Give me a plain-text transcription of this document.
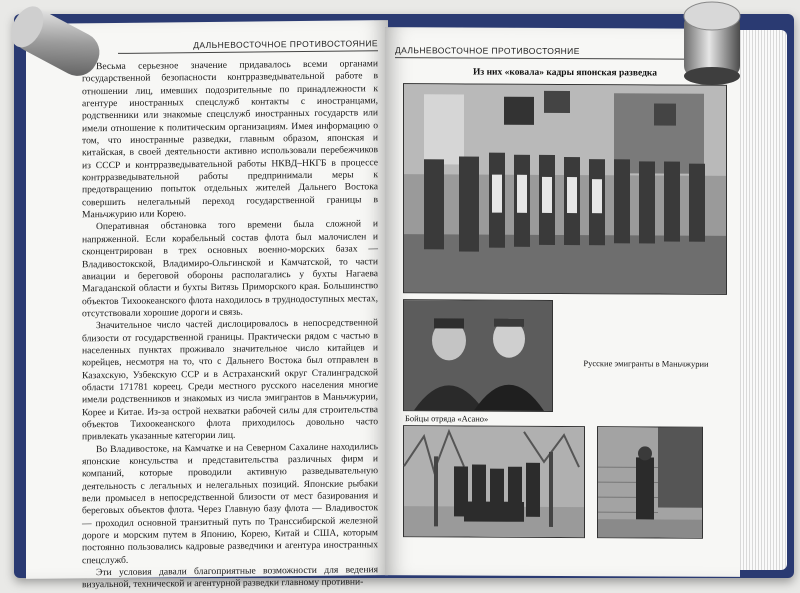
ДАЛЬНЕВОСТОЧНОЕ ПРОТИВОСТОЯНИЕ

Весьма серьезное значение придавалось всеми органами государственной безопасности контрразведывательной работе в отношении лиц, имевших подозрительные по принадлежности к агентуре иностранных спецслужб контакты с иностранцами, родственники или знакомые спецслужб иностранных государств или имели отношение к политическим организациям. Имея информацию о том, что иностранные разведки, главным образом, японская и китайская, в своей деятельности активно использовали перебежчиков из СССР и контрразведывательной работы НКВД–НКГБ в процессе контрразведывательной работы предпринимали меры к предотвращению попыток отдельных жителей Дальнего Востока совершить нелегальный переход государственной границы в Маньчжурию или Корею.

Оперативная обстановка того времени была сложной и напряженной. Если корабельный состав флота был малочислен и сконцентрирован в трех основных военно-морских базах — Владивостокской, Владимиро-Ольгинской и Камчатской, то части авиации и береговой обороны располагались у бухты Нагаева Магаданской области и бухты Витязь Приморского края. Большинство объектов Тихоокеанского флота находилось в труднодоступных местах, отсутствовали хорошие дороги и связь.

Значительное число частей дислоцировалось в непосредственной близости от государственной границы. Практически рядом с частью в населенных пунктах проживало значительное число китайцев и корейцев, несмотря на то, что с Дальнего Востока был отправлен в Казахскую, Узбекскую ССР и в Астраханский округ Сталинградской области 171781 кореец. Среди местного русского населения многие имели родственников и знакомых из числа эмигрантов в Маньчжурии, Корее и Китае. Из-за острой нехватки рабочей силы для строительства объектов Тихоокеанского флота приходилось довольно часто привлекать указанные категории лиц.

Во Владивостоке, на Камчатке и на Северном Сахалине находились японские консульства и представительства различных фирм и компаний, которые проводили активную разведывательную деятельность с легальных и нелегальных позиций. Японские рыбаки вели промысел в непосредственной близости от мест базирования и береговых объектов флота. Через Главную базу флота — Владивосток — проходил основной транзитный путь по Транссибирской железной дороге и морским путем в Японию, Корею, Китай и США, которым постоянно пользовались кадровые разведчики и агентура иностранных спецслужб.

Эти условия давали благоприятные возможности для ведения визуальной, технической и агентурной разведки главному противни-

ДАЛЬНЕВОСТОЧНОЕ ПРОТИВОСТОЯНИЕ
Из них «ковала» кадры японская разведка
Русские эмигранты в Маньчжурии
Бойцы отряда «Асано»
